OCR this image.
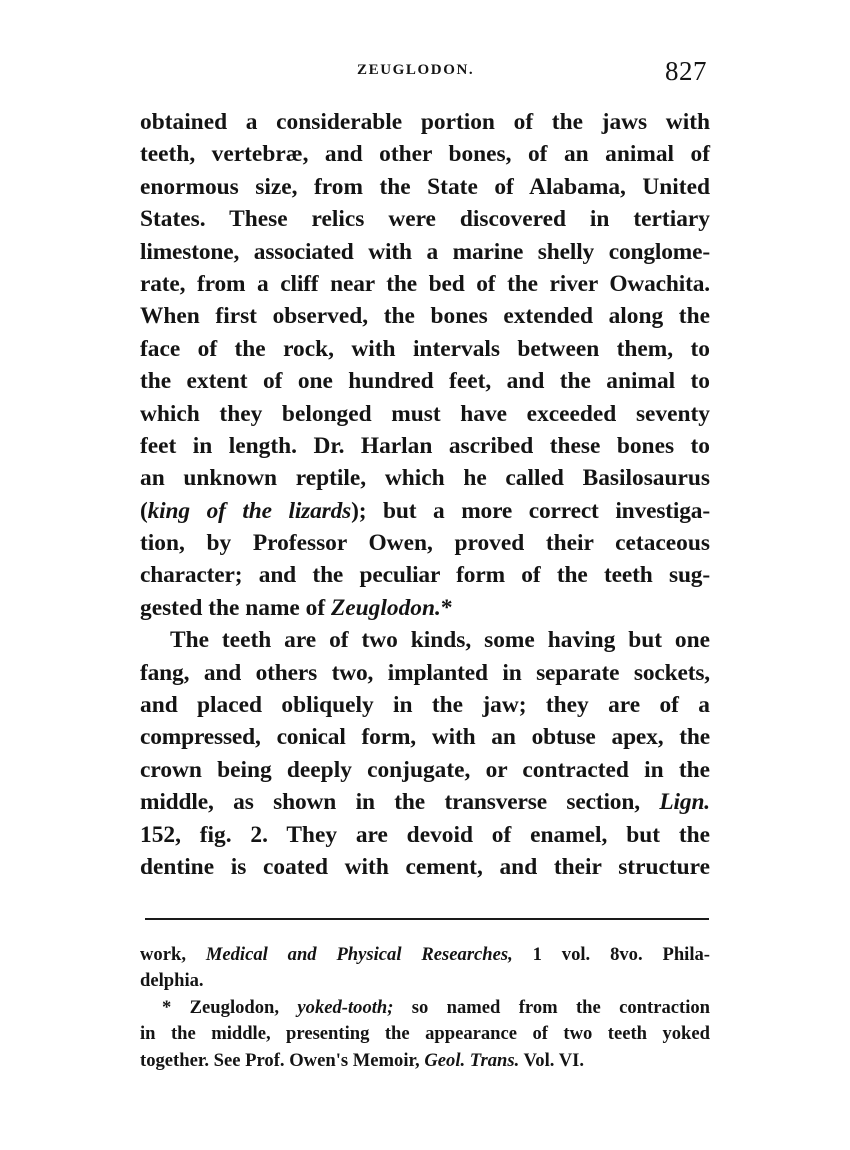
ZEUGLODON.	827
obtained a considerable portion of the jaws with
teeth, vertebræ, and other bones, of an animal of
enormous size, from the State of Alabama, United
States. These relics were discovered in tertiary
limestone, associated with a marine shelly conglome-
rate, from a cliff near the bed of the river Owachita.
When first observed, the bones extended along the
face of the rock, with intervals between them, to
the extent of one hundred feet, and the animal to
which they belonged must have exceeded seventy
feet in length. Dr. Harlan ascribed these bones to
an unknown reptile, which he called Basilosaurus
(king of the lizards); but a more correct investiga-
tion, by Professor Owen, proved their cetaceous
character; and the peculiar form of the teeth sug-
gested the name of Zeuglodon.*
The teeth are of two kinds, some having but one
fang, and others two, implanted in separate sockets,
and placed obliquely in the jaw; they are of a
compressed, conical form, with an obtuse apex, the
crown being deeply conjugate, or contracted in the
middle, as shown in the transverse section, Lign.
152, fig. 2. They are devoid of enamel, but the
dentine is coated with cement, and their structure
work, Medical and Physical Researches, 1 vol. 8vo. Phila-
delphia.
* Zeuglodon, yoked-tooth; so named from the contraction
in the middle, presenting the appearance of two teeth yoked
together. See Prof. Owen's Memoir, Geol. Trans. Vol. VI.
